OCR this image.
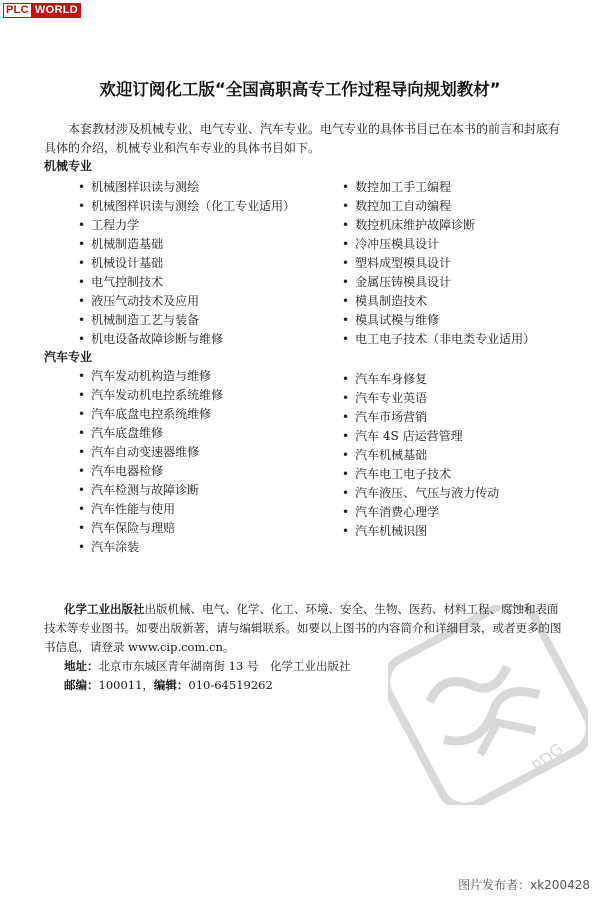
PLC WORLD
欢迎订阅化工版“全国高职高专工作过程导向规划教材”
本套教材涉及机械专业、电气专业、汽车专业。电气专业的具体书目已在本书的前言和封底有具体的介绍，机械专业和汽车专业的具体书目如下。
机械专业
• 机械图样识读与测绘
• 机械图样识读与测绘（化工专业适用）
• 工程力学
• 机械制造基础
• 机械设计基础
• 电气控制技术
• 液压气动技术及应用
• 机械制造工艺与装备
• 机电设备故障诊断与维修
• 数控加工手工编程
• 数控加工自动编程
• 数控机床维护故障诊断
• 冷冲压模具设计
• 塑料成型模具设计
• 金属压铸模具设计
• 模具制造技术
• 模具试模与维修
• 电工电子技术（非电类专业适用）
汽车专业
• 汽车发动机构造与维修
• 汽车发动机电控系统维修
• 汽车底盘电控系统维修
• 汽车底盘维修
• 汽车自动变速器维修
• 汽车电器检修
• 汽车检测与故障诊断
• 汽车性能与使用
• 汽车保险与理赔
• 汽车涂装
• 汽车车身修复
• 汽车专业英语
• 汽车市场营销
• 汽车 4S 店运营管理
• 汽车机械基础
• 汽车电工电子技术
• 汽车液压、气压与液力传动
• 汽车消费心理学
• 汽车机械识图
化学工业出版社出版机械、电气、化学、化工、环境、安全、生物、医药、材料工程、腐蚀和表面技术等专业图书。如要出版新著，请与编辑联系。如要以上图书的内容简介和详细目录，或者更多的图书信息，请登录 www.cip.com.cn。
地址：北京市东城区青年湖南街 13 号　化学工业出版社
邮编：100011，编辑：010-64519262
PDG
图片发布者：xk200428
